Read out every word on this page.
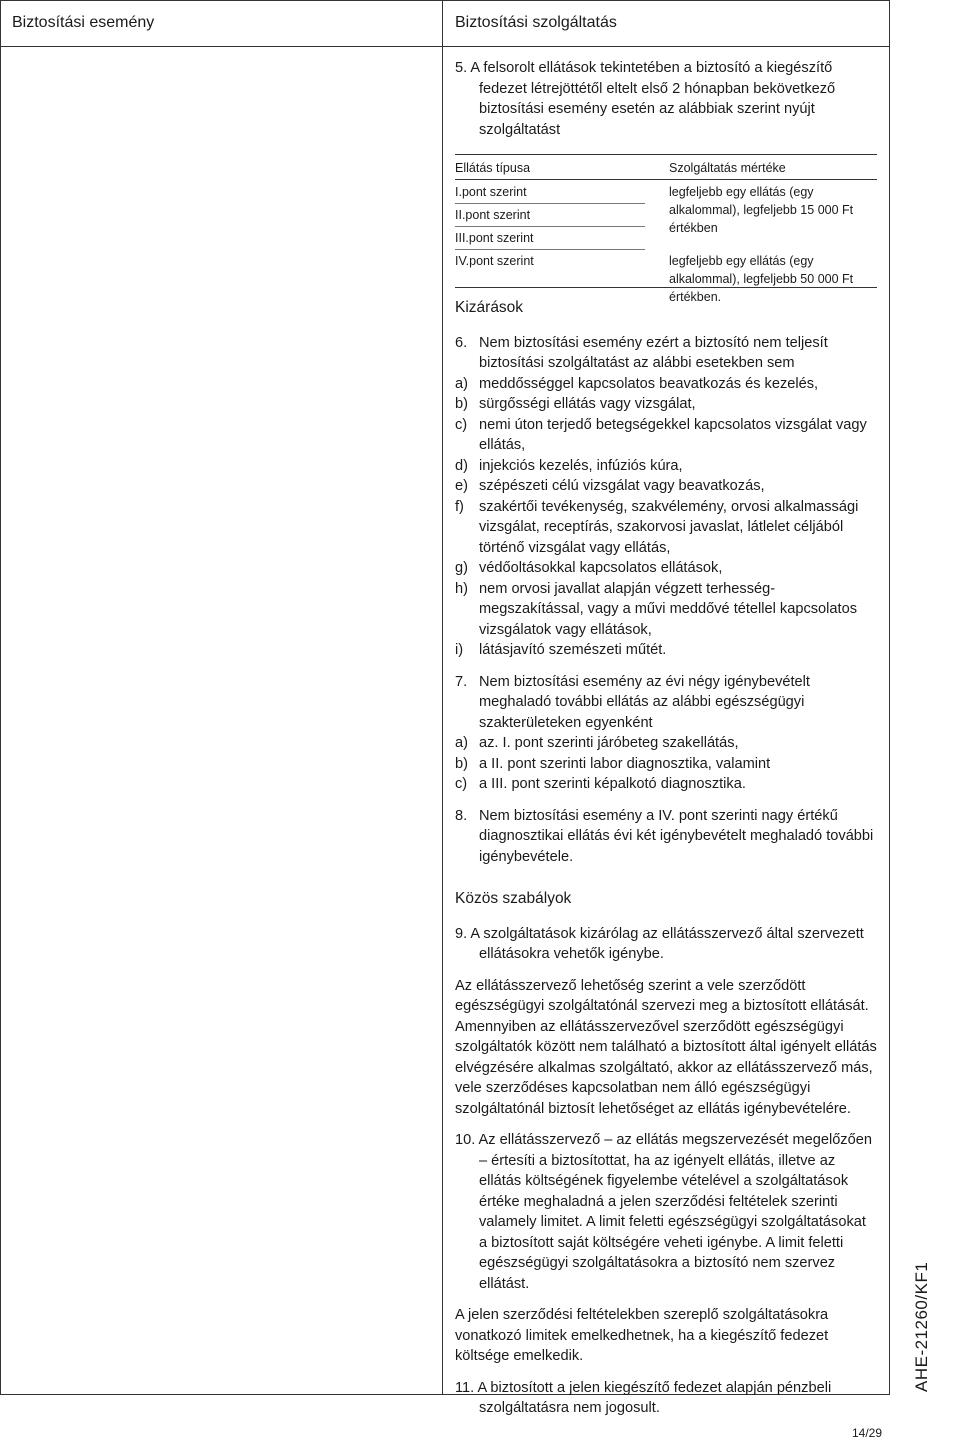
Biztosítási esemény	Biztosítási szolgáltatás

5. A felsorolt ellátások tekintetében a biztosító a kiegészítő fedezet létrejöttétől eltelt első 2 hónapban bekövetkező biztosítási esemény esetén az alábbiak szerint nyújt szolgáltatást

Ellátás típusa	Szolgáltatás mértéke
I.pont szerint
II.pont szerint
III.pont szerint
IV.pont szerint
legfeljebb egy ellátás (egy alkalommal), legfeljebb 15 000 Ft értékben
legfeljebb egy ellátás (egy alkalommal), legfeljebb 50 000 Ft értékben.
Kizárások

6. Nem biztosítási esemény ezért a biztosító nem teljesít biztosítási szolgáltatást az alábbi esetekben sem

a) meddősséggel kapcsolatos beavatkozás és kezelés,

b) sürgősségi ellátás vagy vizsgálat,

c) nemi úton terjedő betegségekkel kapcsolatos vizsgálat vagy ellátás,

d) injekciós kezelés, infúziós kúra,

e) szépészeti célú vizsgálat vagy beavatkozás,

f) szakértői tevékenység, szakvélemény, orvosi alkalmassági vizsgálat, receptírás, szakorvosi javaslat, látlelet céljából történő vizsgálat vagy ellátás,

g) védőoltásokkal kapcsolatos ellátások,

h) nem orvosi javallat alapján végzett terhesség-megszakítással, vagy a művi meddővé tétellel kapcsolatos vizsgálatok vagy ellátások,

i) látásjavító szemészeti műtét.

7. Nem biztosítási esemény az évi négy igénybevételt meghaladó további ellátás az alábbi egészségügyi szakterületeken egyenként

a) az. I. pont szerinti járóbeteg szakellátás,

b) a II. pont szerinti labor diagnosztika, valamint

c) a III. pont szerinti képalkotó diagnosztika.

8. Nem biztosítási esemény a IV. pont szerinti nagy értékű diagnosztikai ellátás évi két igénybevételt meghaladó további igénybevétele.

Közös szabályok

9. A szolgáltatások kizárólag az ellátásszervező által szervezett ellátásokra vehetők igénybe.

Az ellátásszervező lehetőség szerint a vele szerződött egészségügyi szolgáltatónál szervezi meg a biztosított ellátását. Amennyiben az ellátásszervezővel szerződött egészségügyi szolgáltatók között nem található a biztosított által igényelt ellátás elvégzésére alkalmas szolgáltató, akkor az ellátásszervező más, vele szerződéses kapcsolatban nem álló egészségügyi szolgáltatónál biztosít lehetőséget az ellátás igénybevételére.

10. Az ellátásszervező – az ellátás megszervezését megelőzően – értesíti a biztosítottat, ha az igényelt ellátás, illetve az ellátás költségének figyelembe vételével a szolgáltatások értéke meghaladná a jelen szerződési feltételek szerinti valamely limitet. A limit feletti egészségügyi szolgáltatásokat a biztosított saját költségére veheti igénybe. A limit feletti egészségügyi szolgáltatásokra a biztosító nem szervez ellátást.

A jelen szerződési feltételekben szereplő szolgáltatásokra vonatkozó limitek emelkedhetnek, ha a kiegészítő fedezet költsége emelkedik.

11. A biztosított a jelen kiegészítő fedezet alapján pénzbeli szolgáltatásra nem jogosult.

AHE-21260/KF1
14/29
